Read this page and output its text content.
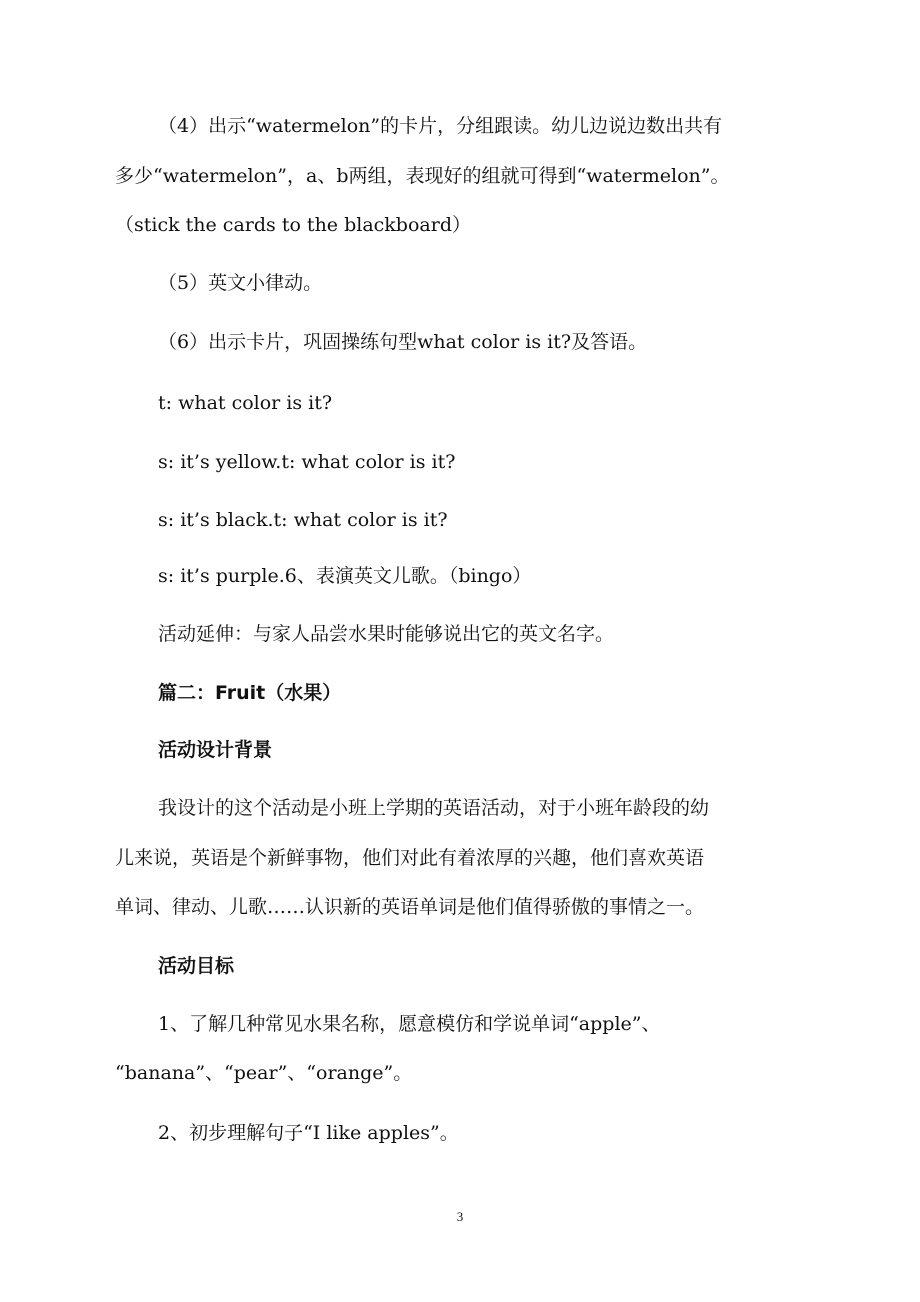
（4）出示“watermelon”的卡片，分组跟读。幼儿边说边数出共有
多少“watermelon”，a、b两组，表现好的组就可得到“watermelon”。
（stick the cards to the blackboard）
（5）英文小律动。
（6）出示卡片，巩固操练句型what color is it?及答语。
t: what color is it?
s: it’s yellow.t: what color is it?
s: it’s black.t: what color is it?
s: it’s purple.6、表演英文儿歌。（bingo）
活动延伸：与家人品尝水果时能够说出它的英文名字。
篇二：Fruit（水果）
活动设计背景
我设计的这个活动是小班上学期的英语活动，对于小班年龄段的幼
儿来说，英语是个新鲜事物，他们对此有着浓厚的兴趣，他们喜欢英语
单词、律动、儿歌……认识新的英语单词是他们值得骄傲的事情之一。
活动目标
1、了解几种常见水果名称，愿意模仿和学说单词“apple”、
“banana”、“pear”、“orange”。
2、初步理解句子“I like apples”。
3
